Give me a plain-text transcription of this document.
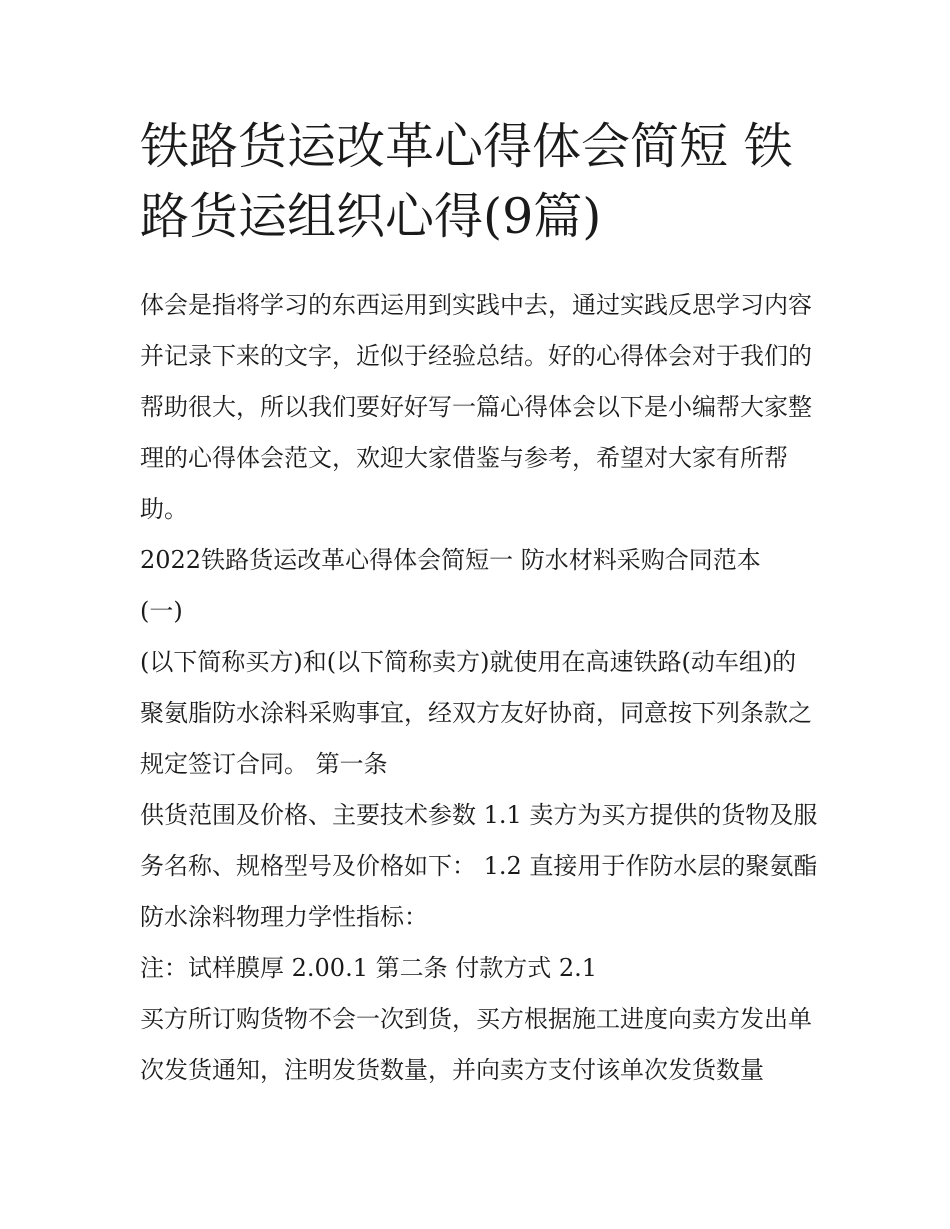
铁路货运改革心得体会简短 铁路货运组织心得(9篇)

体会是指将学习的东西运用到实践中去，通过实践反思学习内容并记录下来的文字，近似于经验总结。好的心得体会对于我们的帮助很大，所以我们要好好写一篇心得体会以下是小编帮大家整理的心得体会范文，欢迎大家借鉴与参考，希望对大家有所帮助。

2022铁路货运改革心得体会简短一 防水材料采购合同范本

(一)

(以下简称买方)和(以下简称卖方)就使用在高速铁路(动车组)的聚氨脂防水涂料采购事宜，经双方友好协商，同意按下列条款之规定签订合同。 第一条

供货范围及价格、主要技术参数 1.1 卖方为买方提供的货物及服务名称、规格型号及价格如下： 1.2 直接用于作防水层的聚氨酯防水涂料物理力学性指标：

注：试样膜厚 2.00.1 第二条 付款方式 2.1

买方所订购货物不会一次到货，买方根据施工进度向卖方发出单次发货通知，注明发货数量，并向卖方支付该单次发货数量
